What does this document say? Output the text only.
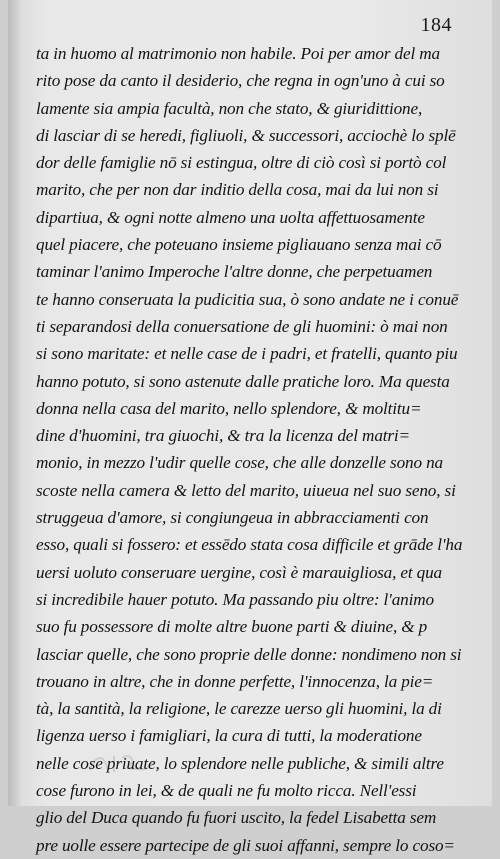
184
ta in huomo al matrimonio non habile. Poi per amor del ma
rito pose da canto il desiderio, che regna in ogn'uno à cui so
lamente sia ampia facultà, non che stato, & giuridittione,
di lasciar di se heredi, figliuoli, & successori, acciochè lo splē
dor delle famiglie nō si estingua, oltre di ciò così si portò col
marito, che per non dar inditio della cosa, mai da lui non si
dipartiua, & ogni notte almeno una uolta affettuosamente
quel piacere, che poteuano insieme pigliauano senza mai cō
taminar l'animo Imperoche l'altre donne, che perpetuamen
te hanno conseruata la pudicitia sua, ò sono andate ne i conuē
ti separandosi della conuersatione de gli huomini: ò mai non
si sono maritate: et nelle case de i padri, et fratelli, quanto piu
hanno potuto, si sono astenute dalle pratiche loro. Ma questa
donna nella casa del marito, nello splendore, & moltitu=
dine d'huomini, tra giuochi, & tra la licenza del matri=
monio, in mezzo l'udir quelle cose, che alle donzelle sono na
scoste nella camera & letto del marito, uiueua nel suo seno, si
struggeua d'amore, si congiungeua in abbracciamenti con
esso, quali si fossero: et essēdo stata cosa difficile et grāde l'ha
uersi uoluto conseruare uergine, così è marauigliosa, et qua
si incredibile hauer potuto. Ma passando piu oltre: l'animo
suo fu possessore di molte altre buone parti & diuine, & p
lasciar quelle, che sono proprie delle donne: nondimeno non si
trouano in altre, che in donne perfette, l'innocenza, la pie=
tà, la santità, la religione, le carezze uerso gli huomini, la di
ligenza uerso i famigliari, la cura di tutti, la moderatione
nelle cose priuate, lo splendore nelle publiche, & simili altre
cose furono in lei, & de quali ne fu molto ricca. Nell'essi
glio del Duca quando fu fuori uscito, la fedel Lisabetta sem
pre uolle essere partecipe de gli suoi affanni, sempre lo coso=
